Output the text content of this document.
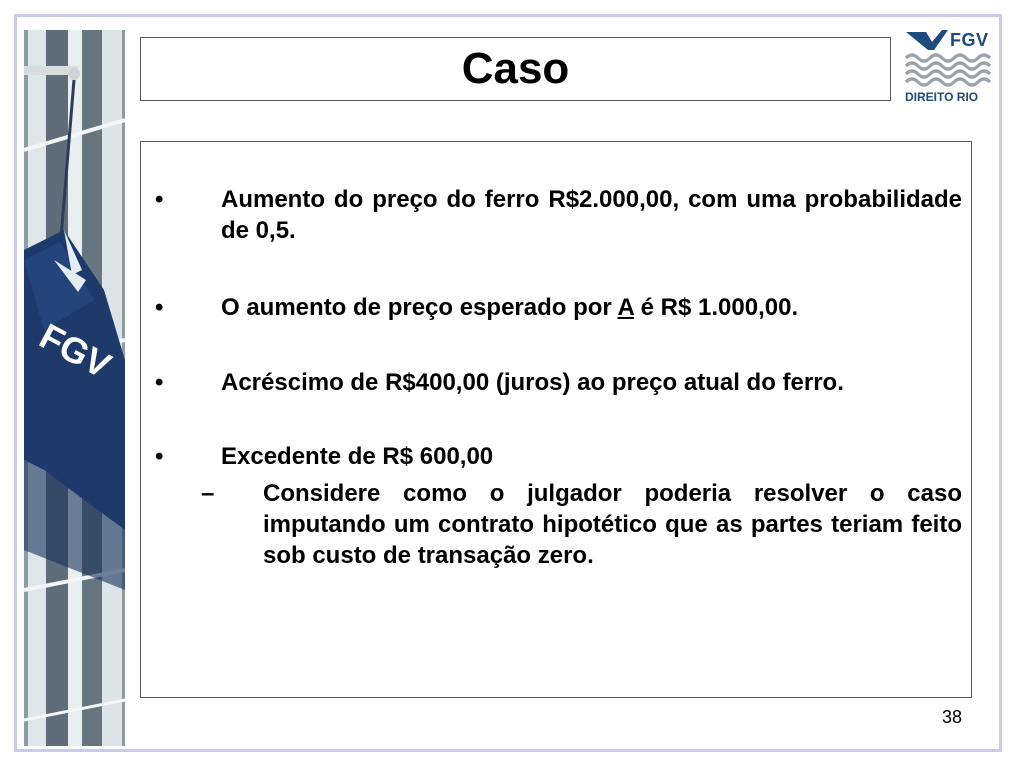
FGV
Caso
FGV
DIREITO RIO
• Aumento do preço do ferro R$2.000,00, com uma probabilidade de 0,5.
• O aumento de preço esperado por A é R$ 1.000,00.
• Acréscimo de R$400,00 (juros) ao preço atual do ferro.
• Excedente de R$ 600,00
– Considere como o julgador poderia resolver o caso imputando um contrato hipotético que as partes teriam feito sob custo de transação zero.
38
